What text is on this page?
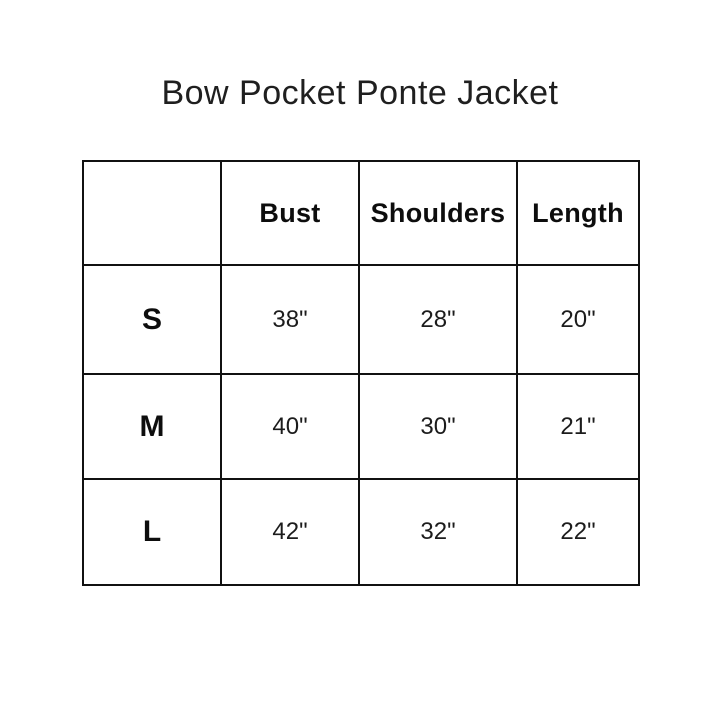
Bow Pocket Ponte Jacket
	Bust	Shoulders	Length
S	38"	28"	20"
M	40"	30"	21"
L	42"	32"	22"
